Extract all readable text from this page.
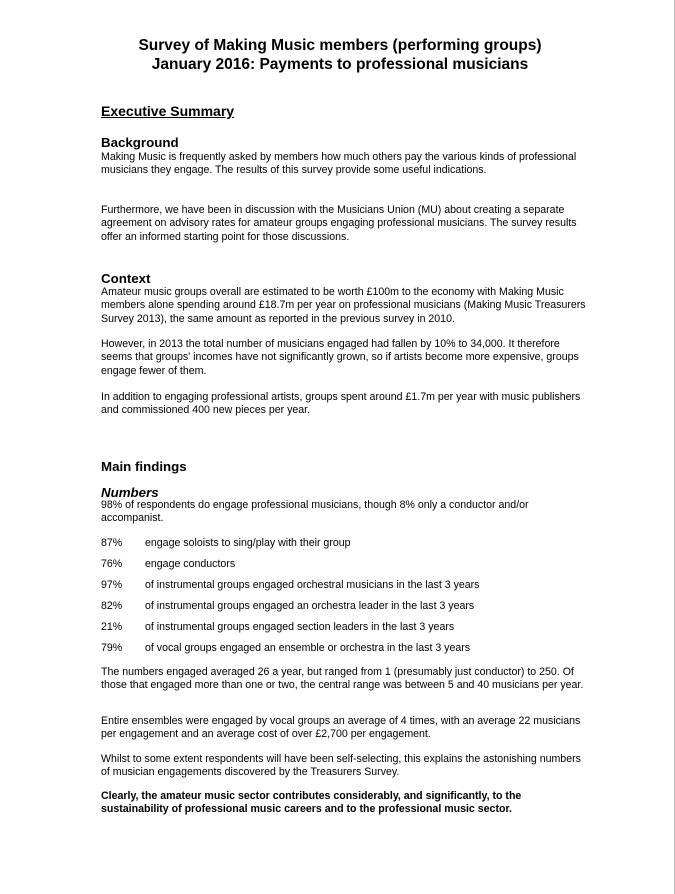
Survey of Making Music members (performing groups)
January 2016: Payments to professional musicians
Executive Summary
Background
Making Music is frequently asked by members how much others pay the various kinds of professional musicians they engage. The results of this survey provide some useful indications.
Furthermore, we have been in discussion with the Musicians Union (MU) about creating a separate agreement on advisory rates for amateur groups engaging professional musicians. The survey results offer an informed starting point for those discussions.
Context
Amateur music groups overall are estimated to be worth £100m to the economy with Making Music members alone spending around £18.7m per year on professional musicians (Making Music Treasurers Survey 2013), the same amount as reported in the previous survey in 2010.
However, in 2013 the total number of musicians engaged had fallen by 10% to 34,000. It therefore seems that groups' incomes have not significantly grown, so if artists become more expensive, groups engage fewer of them.
In addition to engaging professional artists, groups spent around £1.7m per year with music publishers and commissioned 400 new pieces per year.
Main findings
Numbers
98% of respondents do engage professional musicians, though 8% only a conductor and/or accompanist.
87% engage soloists to sing/play with their group
76% engage conductors
97% of instrumental groups engaged orchestral musicians in the last 3 years
82% of instrumental groups engaged an orchestra leader in the last 3 years
21% of instrumental groups engaged section leaders in the last 3 years
79% of vocal groups engaged an ensemble or orchestra in the last 3 years
The numbers engaged averaged 26 a year, but ranged from 1 (presumably just conductor) to 250. Of those that engaged more than one or two, the central range was between 5 and 40 musicians per year.
Entire ensembles were engaged by vocal groups an average of 4 times, with an average 22 musicians per engagement and an average cost of over £2,700 per engagement.
Whilst to some extent respondents will have been self-selecting, this explains the astonishing numbers of musician engagements discovered by the Treasurers Survey.
Clearly, the amateur music sector contributes considerably, and significantly, to the sustainability of professional music careers and to the professional music sector.
